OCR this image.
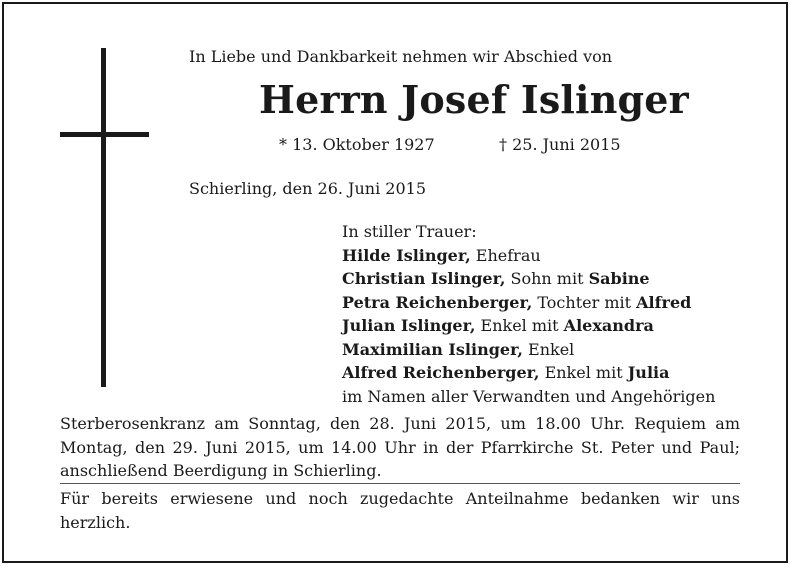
In Liebe und Dankbarkeit nehmen wir Abschied von
Herrn Josef Islinger
* 13. Oktober 1927	† 25. Juni 2015
Schierling, den 26. Juni 2015
In stiller Trauer:
Hilde Islinger, Ehefrau
Christian Islinger, Sohn mit Sabine
Petra Reichenberger, Tochter mit Alfred
Julian Islinger, Enkel mit Alexandra
Maximilian Islinger, Enkel
Alfred Reichenberger, Enkel mit Julia
im Namen aller Verwandten und Angehörigen
Sterberosenkranz am Sonntag, den 28. Juni 2015, um 18.00 Uhr. Requiem am Montag, den 29. Juni 2015, um 14.00 Uhr in der Pfarrkirche St. Peter und Paul; anschließend Beerdigung in Schierling.
Für bereits erwiesene und noch zugedachte Anteilnahme bedanken wir uns herzlich.
